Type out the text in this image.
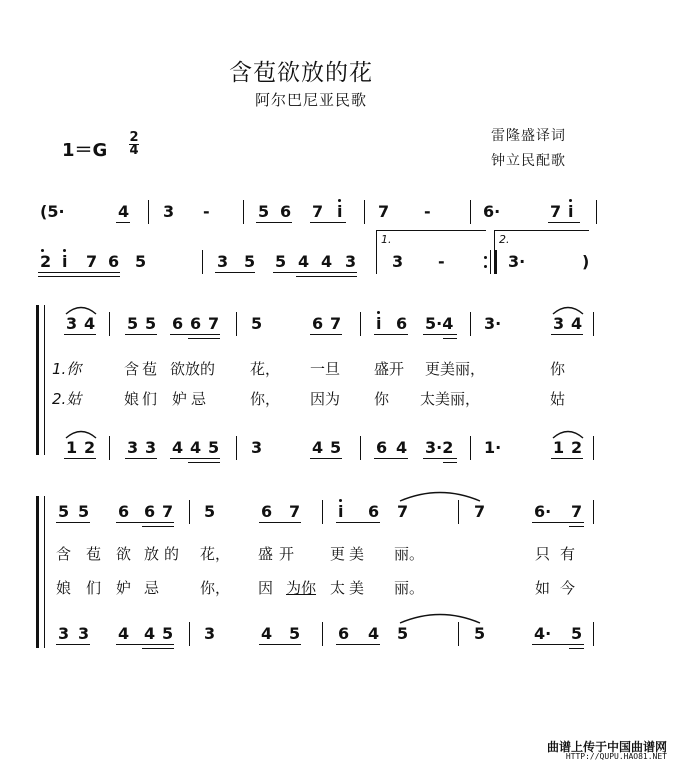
含苞欲放的花
阿尔巴尼亚民歌
1＝G
2
4
雷隆盛译词
钟立民配歌
(5·	4 3 -	5 6 7 i 7 -	6·	7 i
2 i 7 6 5	3 5 5 4 4 3
1.
3 -
2.
3·	)
3 4 5 5 6 6 7 5	6 7 i 6 5·4 3·	3 4
1.你	含苞 欲放的 花， 一旦 盛开 更美丽，	你
2.姑	娘们 妒忌	你， 因为 你 太美丽，	姑
1 2 3 3 4 4 5 3	4 5 6 4 3·2 1·	1 2
5 5 6 6 7 5	6 7 i 6 7	7	6· 7
含 苞 欲 放 的 花， 盛开 更美 丽。	只有
娘 们 妒 忌	你， 因 为你 太美 丽。	如今
3 3 4 4 5 3	4 5 6 4 5	5	4· 5
曲谱上传于中国曲谱网
HTTP://QUPU.HAO81.NET
